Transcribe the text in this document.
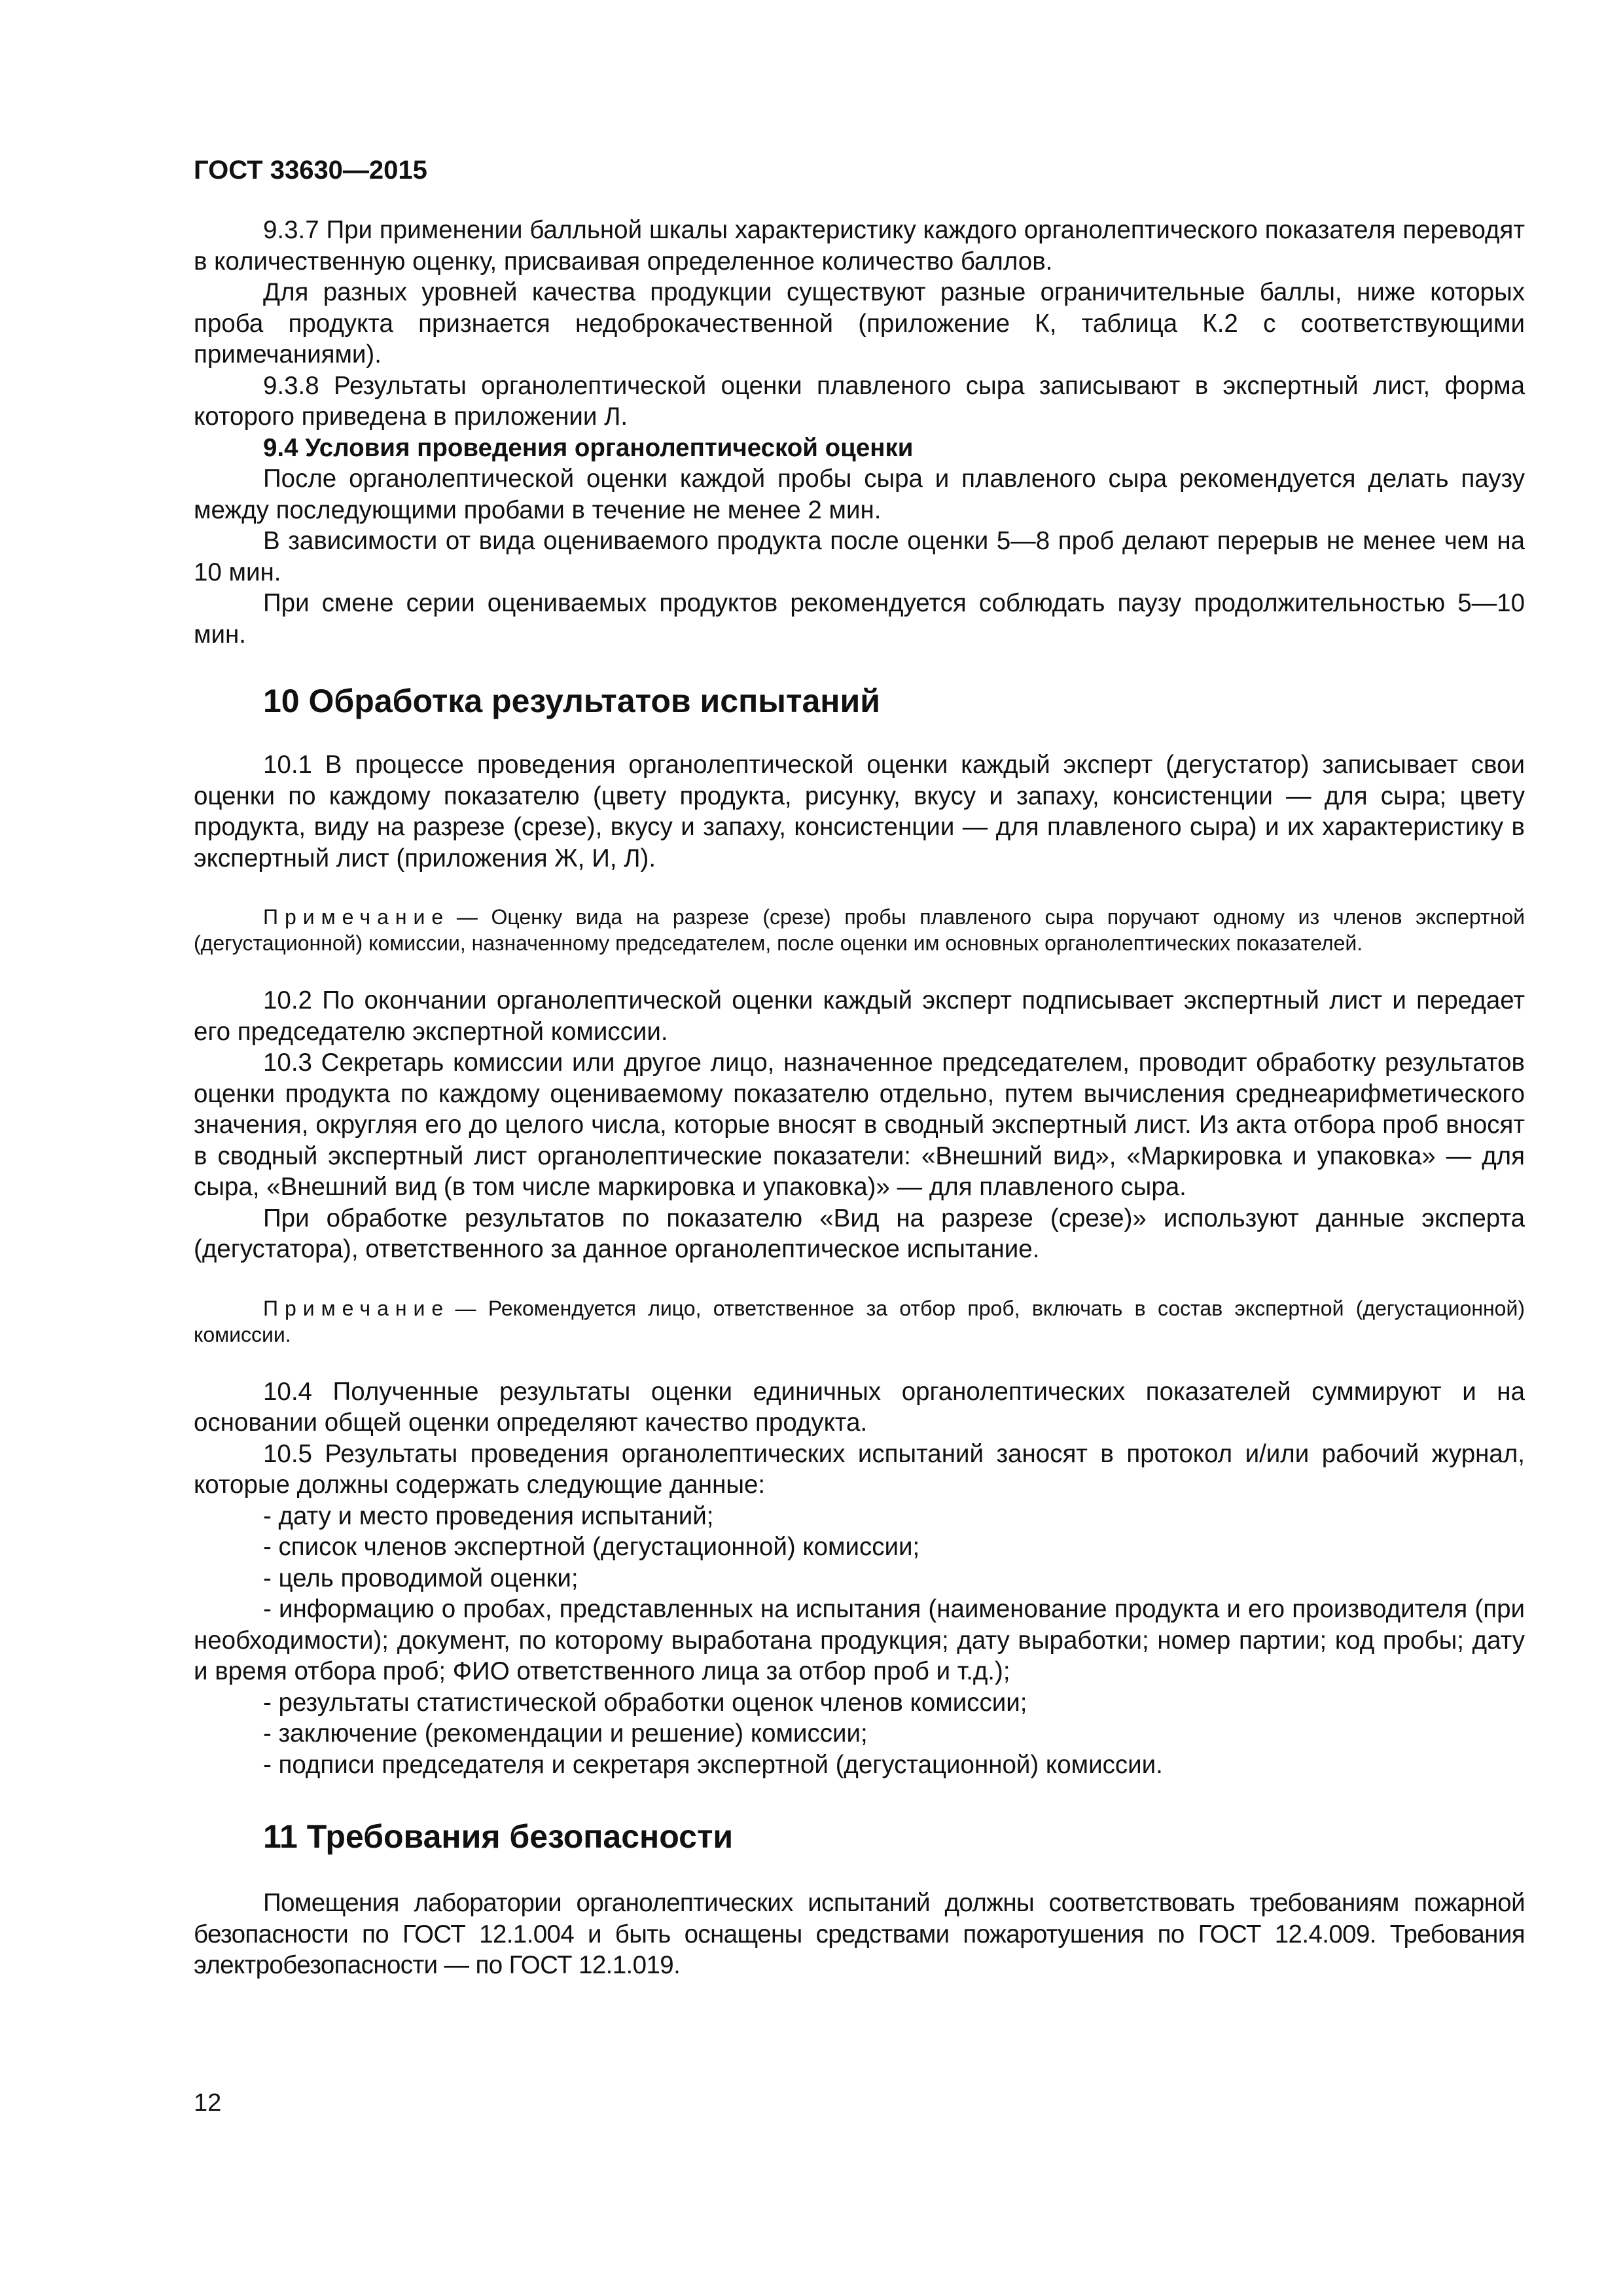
ГОСТ 33630—2015

9.3.7 При применении балльной шкалы характеристику каждого органолептического показателя переводят в количественную оценку, присваивая определенное количество баллов.

Для разных уровней качества продукции существуют разные ограничительные баллы, ниже которых проба продукта признается недоброкачественной (приложение К, таблица К.2 с соответствующими примечаниями).

9.3.8 Результаты органолептической оценки плавленого сыра записывают в экспертный лист, форма которого приведена в приложении Л.

9.4 Условия проведения органолептической оценки

После органолептической оценки каждой пробы сыра и плавленого сыра рекомендуется делать паузу между последующими пробами в течение не менее 2 мин.

В зависимости от вида оцениваемого продукта после оценки 5—8 проб делают перерыв не менее чем на 10 мин.

При смене серии оцениваемых продуктов рекомендуется соблюдать паузу продолжительностью 5—10 мин.

10 Обработка результатов испытаний

10.1 В процессе проведения органолептической оценки каждый эксперт (дегустатор) записывает свои оценки по каждому показателю (цвету продукта, рисунку, вкусу и запаху, консистенции — для сыра; цвету продукта, виду на разрезе (срезе), вкусу и запаху, консистенции — для плавленого сыра) и их характеристику в экспертный лист (приложения Ж, И, Л).

Примечание — Оценку вида на разрезе (срезе) пробы плавленого сыра поручают одному из членов экспертной (дегустационной) комиссии, назначенному председателем, после оценки им основных органолептических показателей.

10.2 По окончании органолептической оценки каждый эксперт подписывает экспертный лист и передает его председателю экспертной комиссии.

10.3 Секретарь комиссии или другое лицо, назначенное председателем, проводит обработку результатов оценки продукта по каждому оцениваемому показателю отдельно, путем вычисления среднеарифметического значения, округляя его до целого числа, которые вносят в сводный экспертный лист. Из акта отбора проб вносят в сводный экспертный лист органолептические показатели: «Внешний вид», «Маркировка и упаковка» — для сыра, «Внешний вид (в том числе маркировка и упаковка)» — для плавленого сыра.

При обработке результатов по показателю «Вид на разрезе (срезе)» используют данные эксперта (дегустатора), ответственного за данное органолептическое испытание.

Примечание — Рекомендуется лицо, ответственное за отбор проб, включать в состав экспертной (дегустационной) комиссии.

10.4 Полученные результаты оценки единичных органолептических показателей суммируют и на основании общей оценки определяют качество продукта.

10.5 Результаты проведения органолептических испытаний заносят в протокол и/или рабочий журнал, которые должны содержать следующие данные:

- дату и место проведения испытаний;

- список членов экспертной (дегустационной) комиссии;

- цель проводимой оценки;

- информацию о пробах, представленных на испытания (наименование продукта и его производителя (при необходимости); документ, по которому выработана продукция; дату выработки; номер партии; код пробы; дату и время отбора проб; ФИО ответственного лица за отбор проб и т.д.);

- результаты статистической обработки оценок членов комиссии;

- заключение (рекомендации и решение) комиссии;

- подписи председателя и секретаря экспертной (дегустационной) комиссии.

11 Требования безопасности

Помещения лаборатории органолептических испытаний должны соответствовать требованиям пожарной безопасности по ГОСТ 12.1.004 и быть оснащены средствами пожаротушения по ГОСТ 12.4.009. Требования электробезопасности — по ГОСТ 12.1.019.

12
